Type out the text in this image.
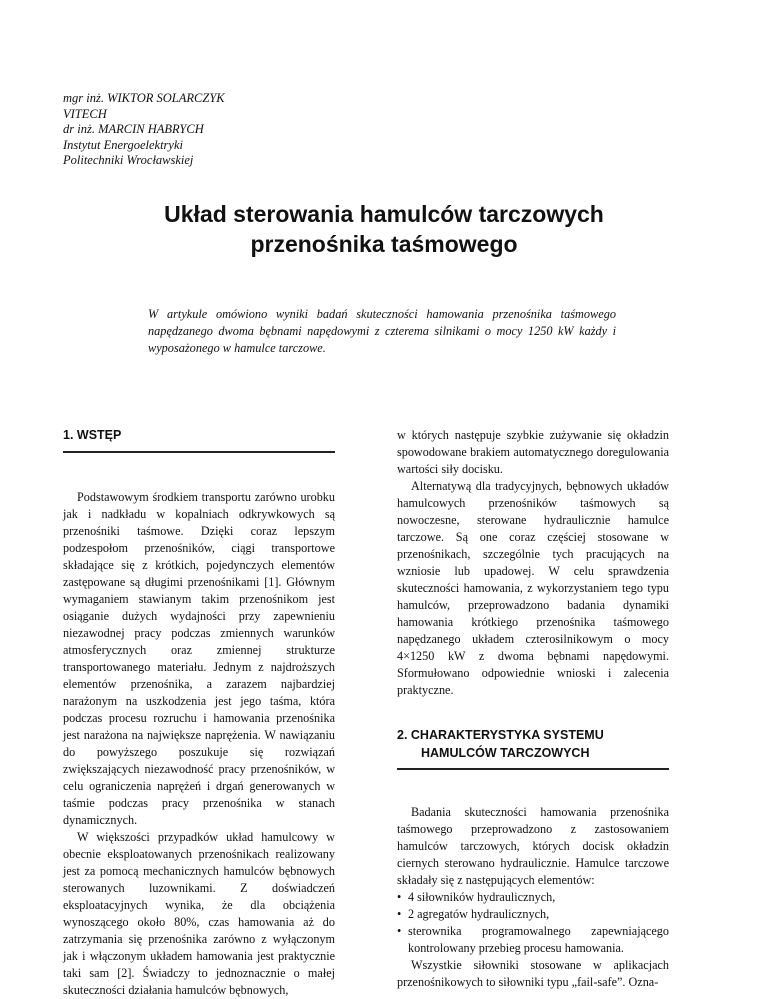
mgr inż. WIKTOR SOLARCZYK
VITECH
dr inż. MARCIN HABRYCH
Instytut Energoelektryki
Politechniki Wrocławskiej
Układ sterowania hamulców tarczowych
przenośnika taśmowego

W artykule omówiono wyniki badań skuteczności hamowania przenośnika taśmowego napędzanego dwoma bębnami napędowymi z czterema silnikami o mocy 1250 kW każdy i wyposażonego w hamulce tarczowe.

1. WSTĘP

Podstawowym środkiem transportu zarówno urobku jak i nadkładu w kopalniach odkrywkowych są przenośniki taśmowe. Dzięki coraz lepszym podzespołom przenośników, ciągi transportowe składające się z krótkich, pojedynczych elementów zastępowane są długimi przenośnikami [1]. Głównym wymaganiem stawianym takim przenośnikom jest osiąganie dużych wydajności przy zapewnieniu niezawodnej pracy podczas zmiennych warunków atmosferycznych oraz zmiennej strukturze transportowanego materiału. Jednym z najdroższych elementów przenośnika, a zarazem najbardziej narażonym na uszkodzenia jest jego taśma, która podczas procesu rozruchu i hamowania przenośnika jest narażona na największe naprężenia. W nawiązaniu do powyższego poszukuje się rozwiązań zwiększających niezawodność pracy przenośników, w celu ograniczenia naprężeń i drgań generowanych w taśmie podczas pracy przenośnika w stanach dynamicznych.

W większości przypadków układ hamulcowy w obecnie eksploatowanych przenośnikach realizowany jest za pomocą mechanicznych hamulców bębnowych sterowanych luzownikami. Z doświadczeń eksploatacyjnych wynika, że dla obciążenia wynoszącego około 80%, czas hamowania aż do zatrzymania się przenośnika zarówno z wyłączonym jak i włączonym układem hamowania jest praktycznie taki sam [2]. Świadczy to jednoznacznie o małej skuteczności działania hamulców bębnowych,

w których następuje szybkie zużywanie się okładzin spowodowane brakiem automatycznego doregulowania wartości siły docisku.

Alternatywą dla tradycyjnych, bębnowych układów hamulcowych przenośników taśmowych są nowoczesne, sterowane hydraulicznie hamulce tarczowe. Są one coraz częściej stosowane w przenośnikach, szczególnie tych pracujących na wzniosie lub upadowej. W celu sprawdzenia skuteczności hamowania, z wykorzystaniem tego typu hamulców, przeprowadzono badania dynamiki hamowania krótkiego przenośnika taśmowego napędzanego układem czterosilnikowym o mocy 4×1250 kW z dwoma bębnami napędowymi. Sformułowano odpowiednie wnioski i zalecenia praktyczne.

2. CHARAKTERYSTYKA SYSTEMU
HAMULCÓW TARCZOWYCH

Badania skuteczności hamowania przenośnika taśmowego przeprowadzono z zastosowaniem hamulców tarczowych, których docisk okładzin ciernych sterowano hydraulicznie. Hamulce tarczowe składały się z następujących elementów:

• 4 siłowników hydraulicznych,
• 2 agregatów hydraulicznych,
• sterownika programowalnego zapewniającego kontrolowany przebieg procesu hamowania.

Wszystkie siłowniki stosowane w aplikacjach przenośnikowych to siłowniki typu „fail-safe”. Ozna-
